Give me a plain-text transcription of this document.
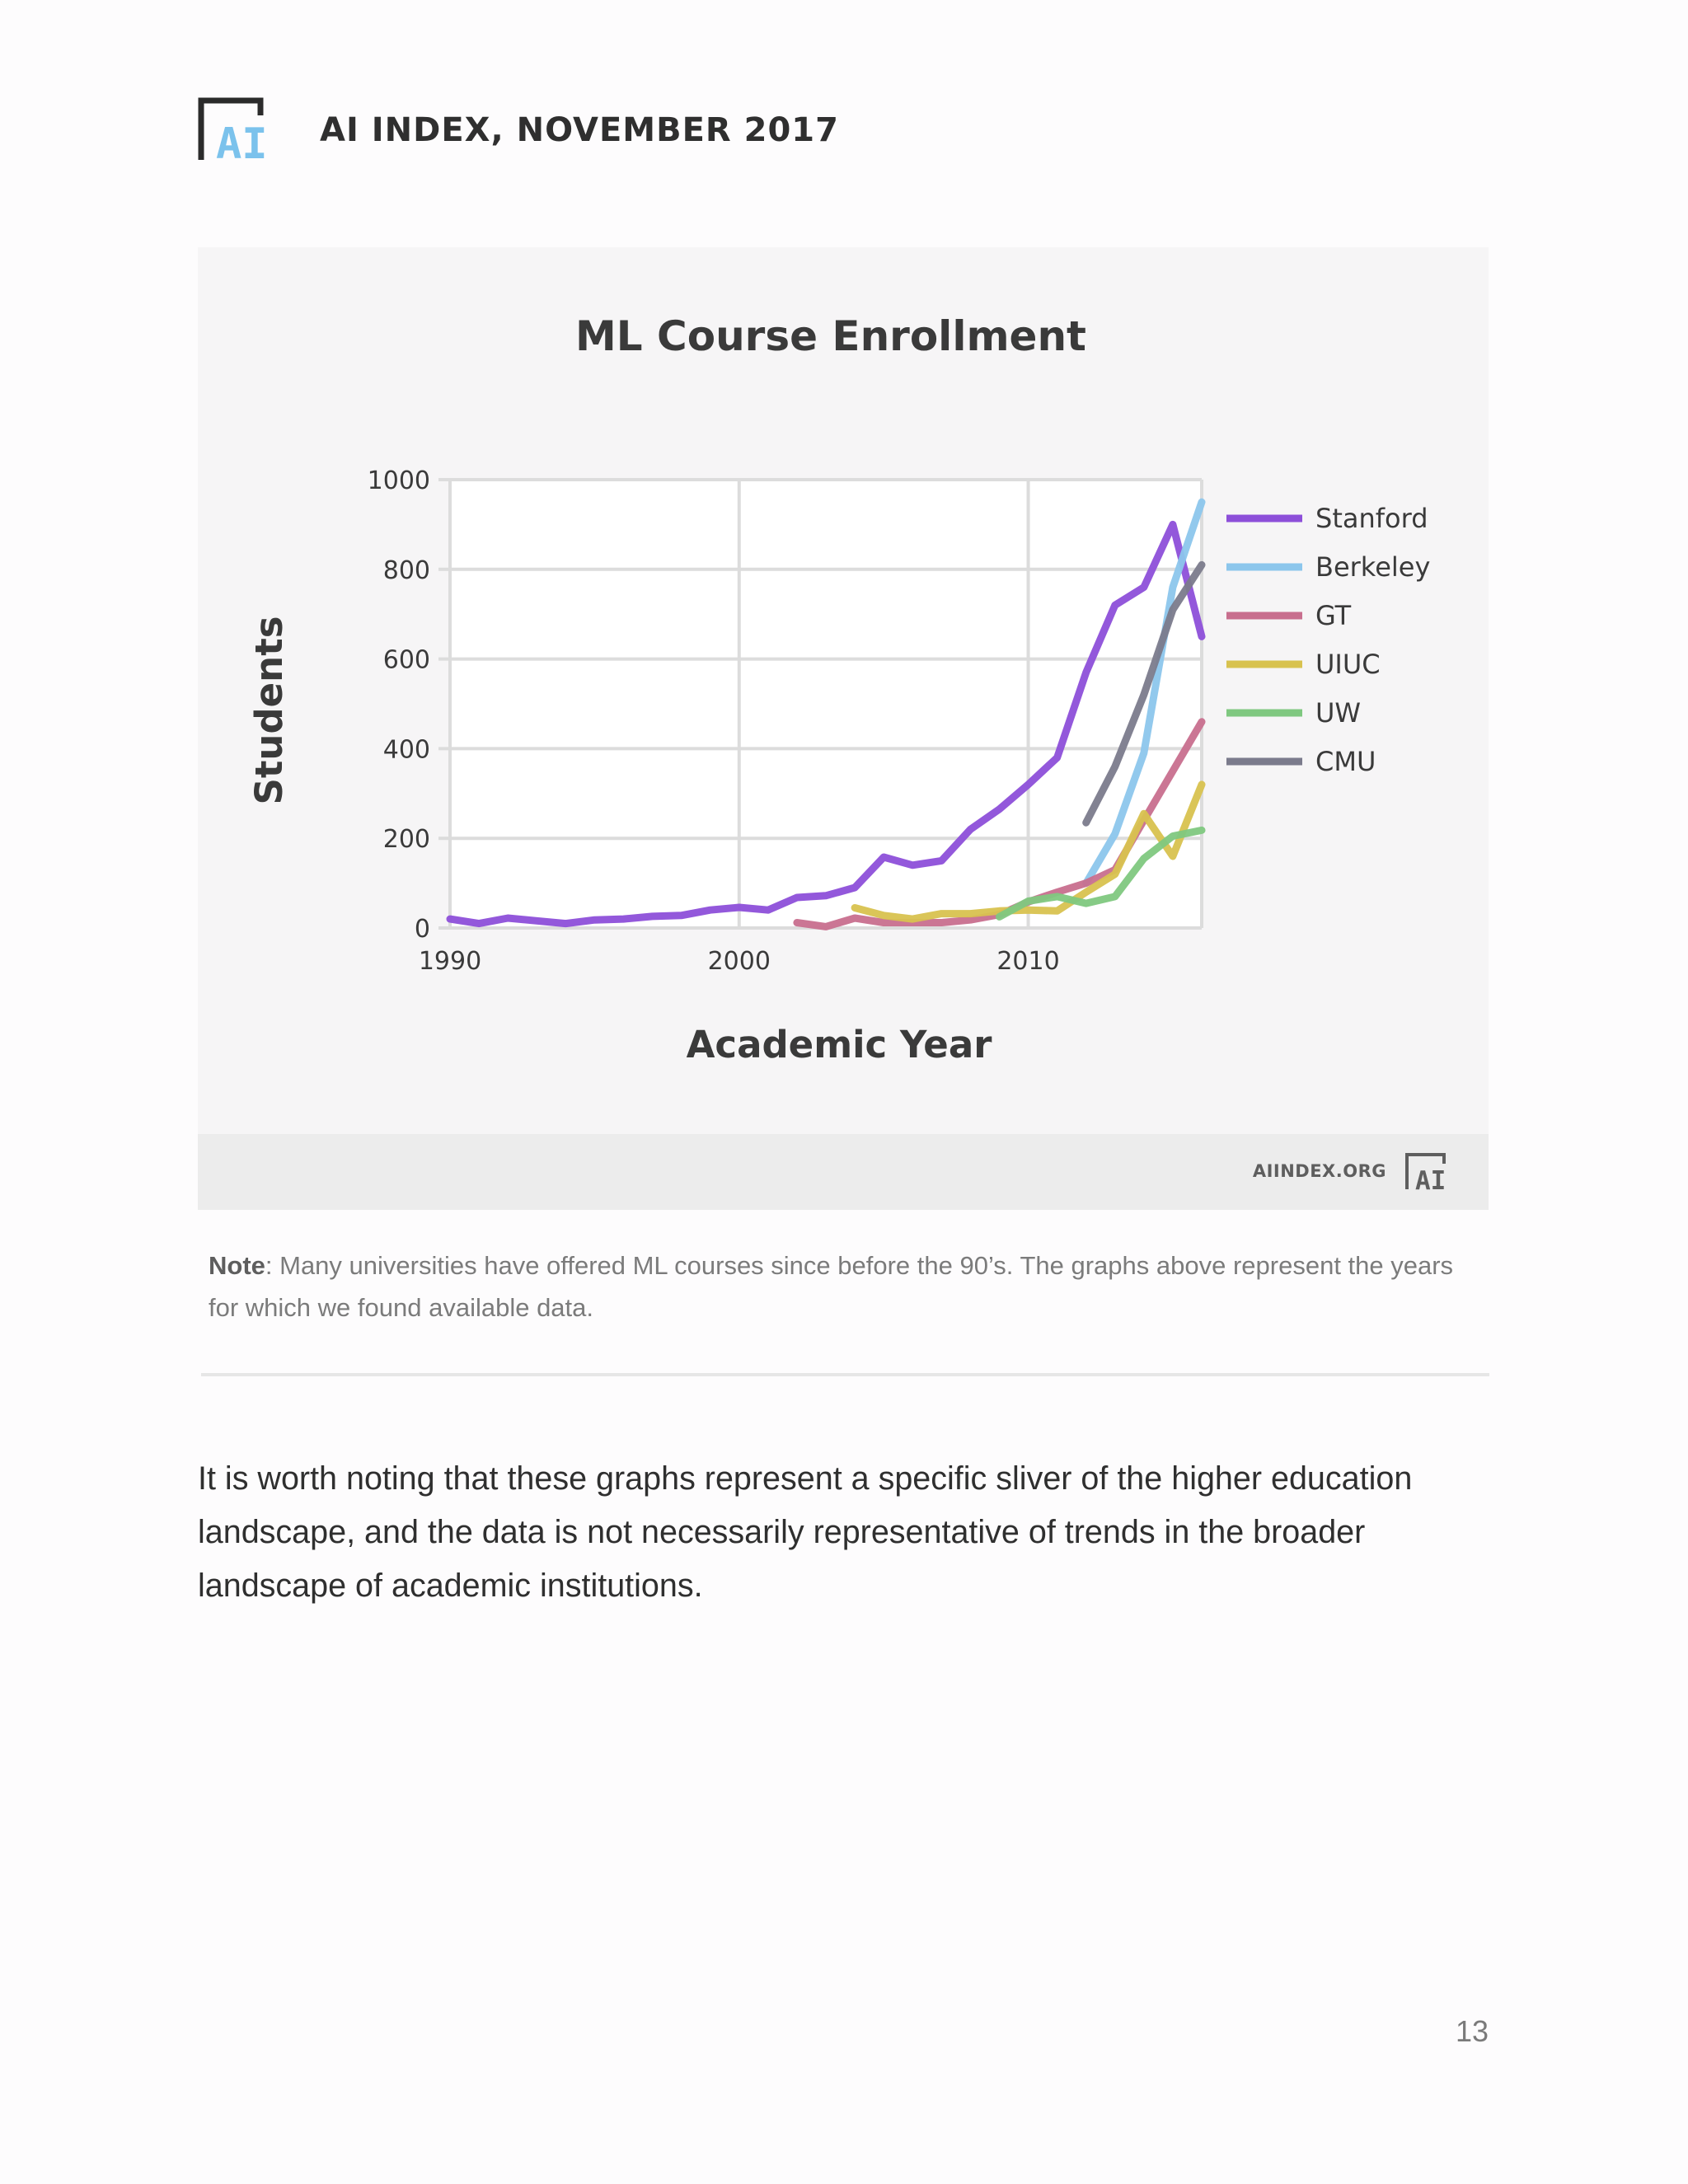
AI AI INDEX, NOVEMBER 2017
ML Course Enrollment
0
200
400
600
800
1000
1990	2000	2010
Stanford
Berkeley
GT
UIUC
UW
CMU
Academic Year
Students
AIINDEX.ORG AI
Note: Many universities have offered ML courses since before the 90’s. The graphs above represent the years for which we found available data.
It is worth noting that these graphs represent a specific sliver of the higher education landscape, and the data is not necessarily representative of trends in the broader landscape of academic institutions.
13
